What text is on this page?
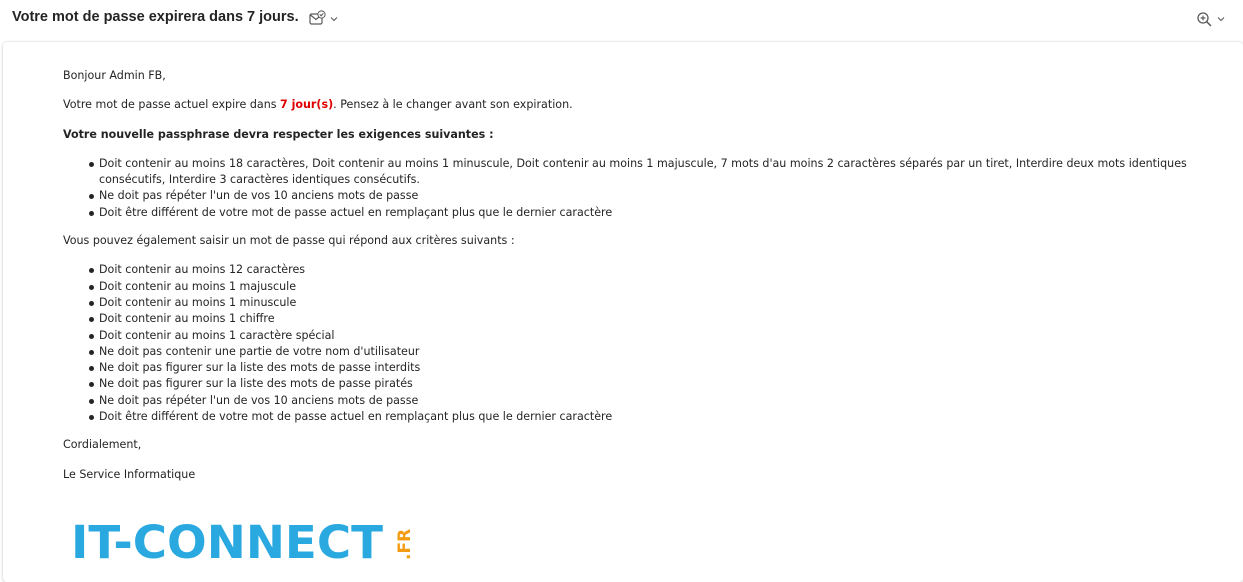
Votre mot de passe expirera dans 7 jours.

Bonjour Admin FB,

Votre mot de passe actuel expire dans 7 jour(s). Pensez à le changer avant son expiration.

Votre nouvelle passphrase devra respecter les exigences suivantes :

Doit contenir au moins 18 caractères, Doit contenir au moins 1 minuscule, Doit contenir au moins 1 majuscule, 7 mots d'au moins 2 caractères séparés par un tiret, Interdire deux mots identiques consécutifs, Interdire 3 caractères identiques consécutifs.
Ne doit pas répéter l'un de vos 10 anciens mots de passe
Doit être différent de votre mot de passe actuel en remplaçant plus que le dernier caractère

Vous pouvez également saisir un mot de passe qui répond aux critères suivants :

Doit contenir au moins 12 caractères
Doit contenir au moins 1 majuscule
Doit contenir au moins 1 minuscule
Doit contenir au moins 1 chiffre
Doit contenir au moins 1 caractère spécial
Ne doit pas contenir une partie de votre nom d'utilisateur
Ne doit pas figurer sur la liste des mots de passe interdits
Ne doit pas figurer sur la liste des mots de passe piratés
Ne doit pas répéter l'un de vos 10 anciens mots de passe
Doit être différent de votre mot de passe actuel en remplaçant plus que le dernier caractère

Cordialement,

Le Service Informatique

IT-CONNECT .FR
